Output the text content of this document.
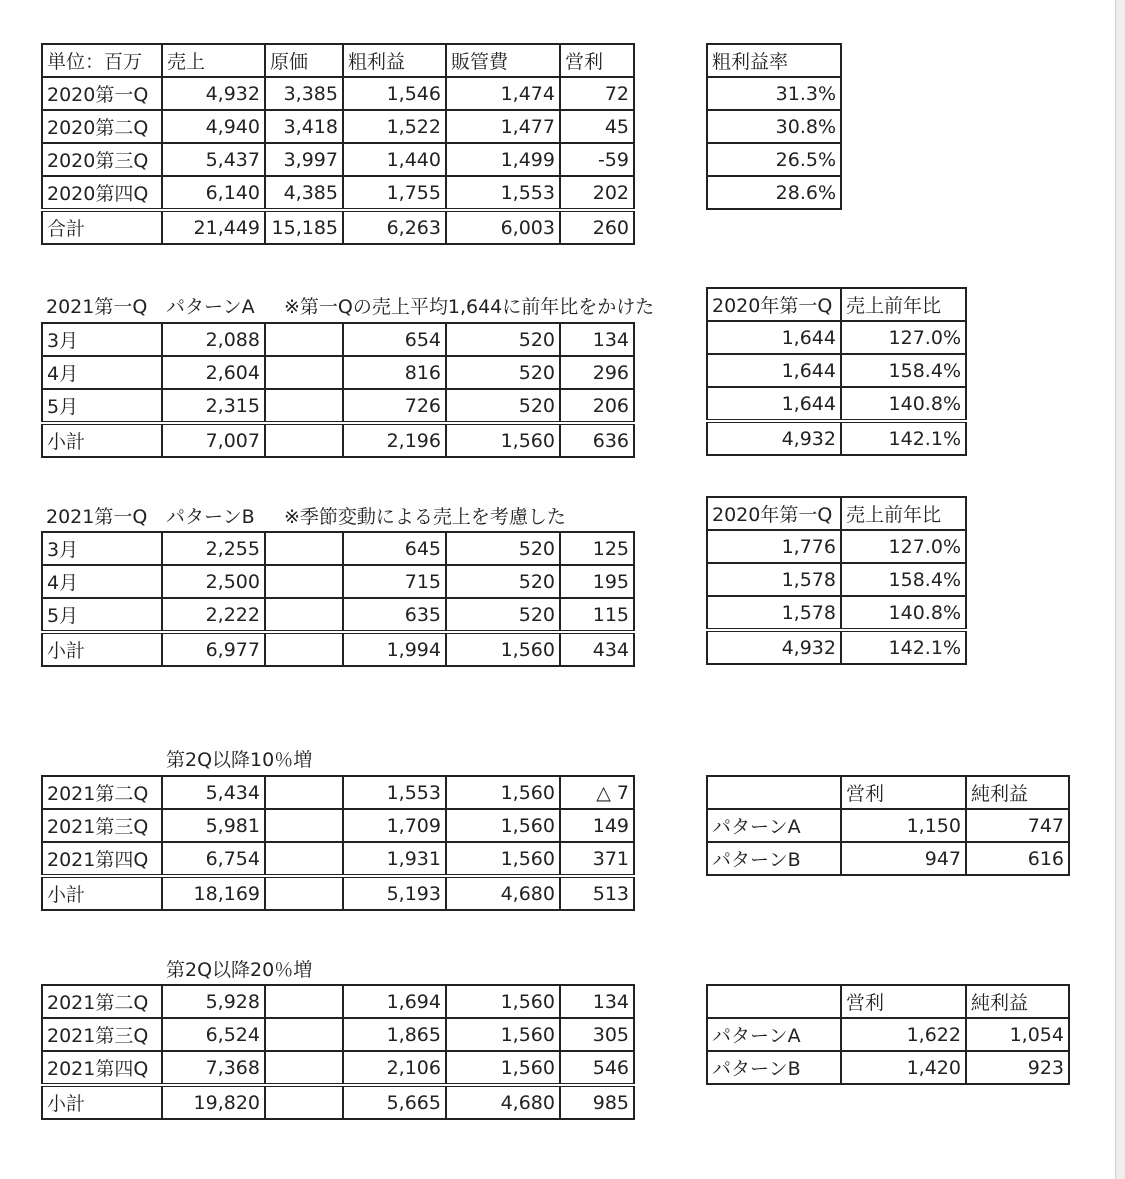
単位：百万	売上	原価	粗利益	販管費	営利
2020第一Q	4,932	3,385	1,546	1,474	72
2020第二Q	4,940	3,418	1,522	1,477	45
2020第三Q	5,437	3,997	1,440	1,499	-59
2020第四Q	6,140	4,385	1,755	1,553	202
合計	21,449	15,185	6,263	6,003	260
粗利益率
31.3%
30.8%
26.5%
28.6%
2021第一Q パターンA ※第一Qの売上平均1,644に前年比をかけた
3月	2,088		654	520	134
4月	2,604		816	520	296
5月	2,315		726	520	206
小計	7,007		2,196	1,560	636
2020年第一Q	売上前年比
1,644	127.0%
1,644	158.4%
1,644	140.8%
4,932	142.1%
2021第一Q パターンB ※季節変動による売上を考慮した
3月	2,255		645	520	125
4月	2,500		715	520	195
5月	2,222		635	520	115
小計	6,977		1,994	1,560	434
2020年第一Q	売上前年比
1,776	127.0%
1,578	158.4%
1,578	140.8%
4,932	142.1%
第2Q以降10％増
2021第二Q	5,434		1,553	1,560	△ 7
2021第三Q	5,981		1,709	1,560	149
2021第四Q	6,754		1,931	1,560	371
小計	18,169		5,193	4,680	513
	営利	純利益
パターンA	1,150	747
パターンB	947	616
第2Q以降20％増
2021第二Q	5,928		1,694	1,560	134
2021第三Q	6,524		1,865	1,560	305
2021第四Q	7,368		2,106	1,560	546
小計	19,820		5,665	4,680	985
	営利	純利益
パターンA	1,622	1,054
パターンB	1,420	923
